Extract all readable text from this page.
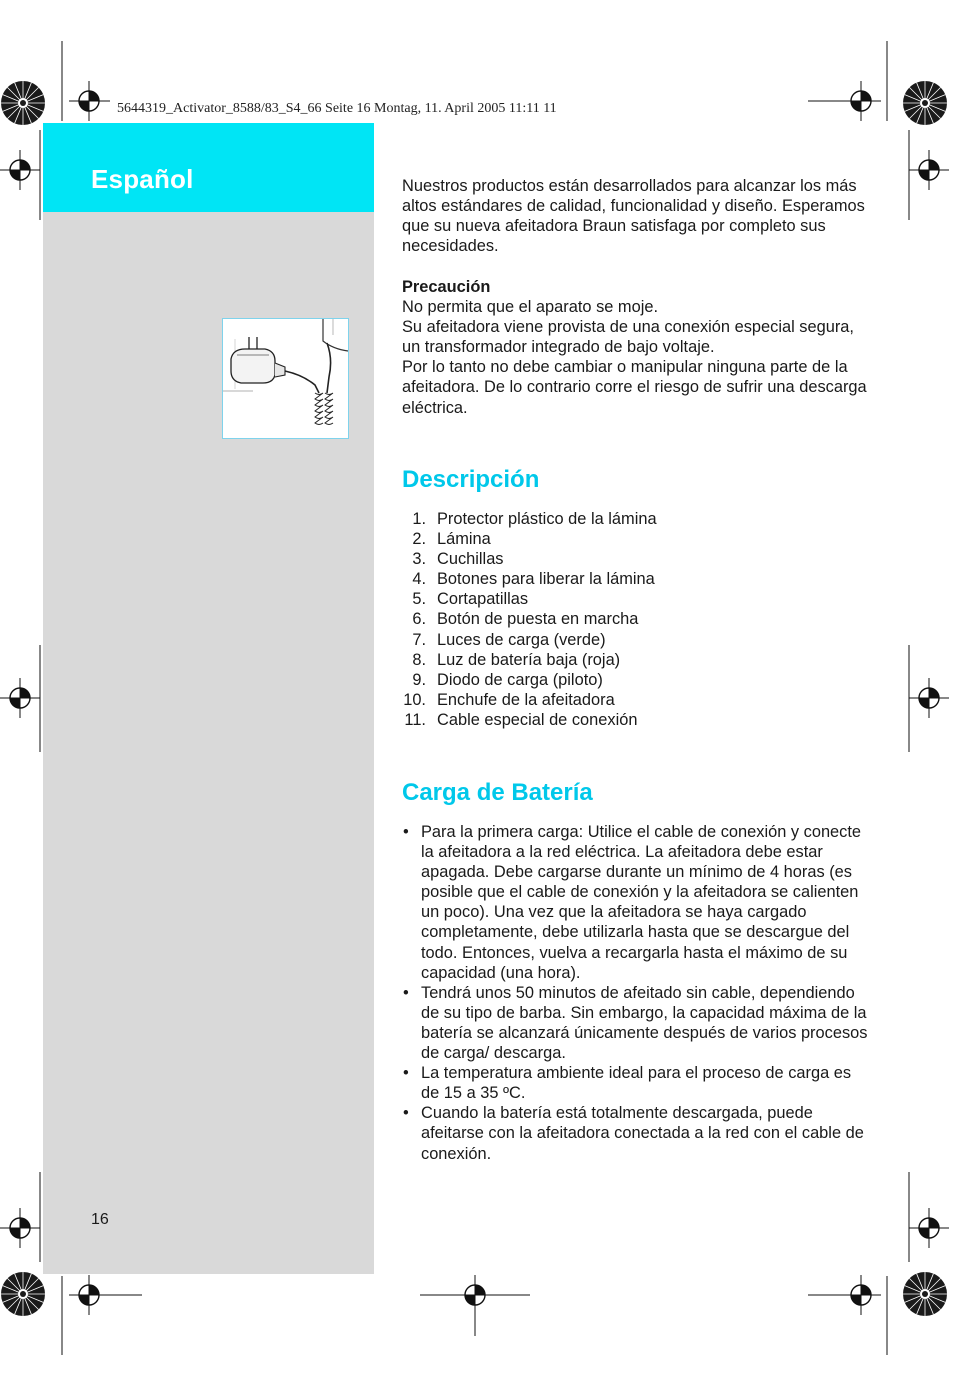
5644319_Activator_8588/83_S4_66 Seite 16 Montag, 11. April 2005 11:11 11
Español
16

Nuestros productos están desarrollados para alcanzar los más altos estándares de calidad, funcionalidad y diseño. Esperamos que su nueva afeitadora Braun satisfaga por completo sus necesidades.

Precaución

No permita que el aparato se moje.

Su afeitadora viene provista de una conexión especial segura, un transformador integrado de bajo voltaje.

Por lo tanto no debe cambiar o manipular ninguna parte de la afeitadora. De lo contrario corre el riesgo de sufrir una descarga eléctrica.

Descripción
1. Protector plástico de la lámina
2. Lámina
3. Cuchillas
4. Botones para liberar la lámina
5. Cortapatillas
6. Botón de puesta en marcha
7. Luces de carga (verde)
8. Luz de batería baja (roja)
9. Diodo de carga (piloto)
10. Enchufe de la afeitadora
11. Cable especial de conexión
Carga de Batería
• Para la primera carga: Utilice el cable de conexión y conecte la afeitadora a la red eléctrica. La afeitadora debe estar apagada. Debe cargarse durante un mínimo de 4 horas (es posible que el cable de conexión y la afeitadora se calienten un poco). Una vez que la afeitadora se haya cargado completamente, debe utilizarla hasta que se descargue del todo. Entonces, vuelva a recargarla hasta el máximo de su capacidad (una hora).
• Tendrá unos 50 minutos de afeitado sin cable, dependiendo de su tipo de barba. Sin embargo, la capacidad máxima de la batería se alcanzará únicamente después de varios procesos de carga/ descarga.
• La temperatura ambiente ideal para el proceso de carga es de 15 a 35 ºC.
• Cuando la batería está totalmente descargada, puede afeitarse con la afeitadora conectada a la red con el cable de conexión.
